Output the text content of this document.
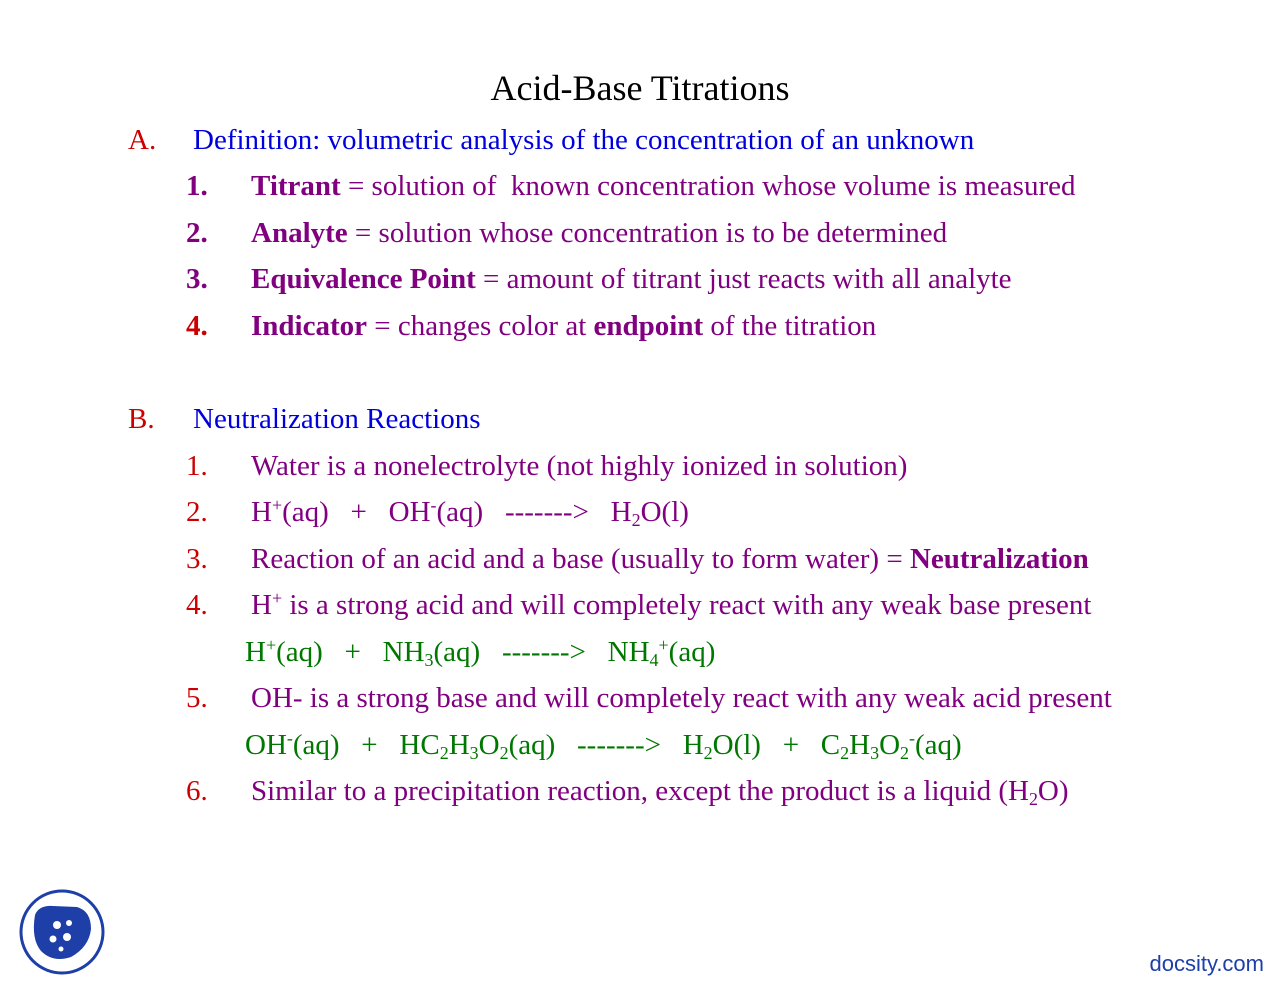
Acid-Base Titrations
A. Definition: volumetric analysis of the concentration of an unknown
1. Titrant = solution of  known concentration whose volume is measured
2. Analyte = solution whose concentration is to be determined
3. Equivalence Point = amount of titrant just reacts with all analyte
4. Indicator = changes color at endpoint of the titration
B. Neutralization Reactions
1. Water is a nonelectrolyte (not highly ionized in solution)
2. H+(aq)   +   OH-(aq)   ------->   $H_2O(l)$
3. Reaction of an acid and a base (usually to form water) = Neutralization
4. H+ is a strong acid and will completely react with any weak base present
$H^+(aq) + NH_3(aq)$   ------->   $NH_4^+(aq)$
5. OH- is a strong base and will completely react with any weak acid present
$OH^-(aq) + HC_2H_3O_2(aq)$   ------->   $H_2O(l) + C_2H_3O_2^-(aq)$
6. Similar to a precipitation reaction, except the product is a liquid $(H_2O)$
docsity.com
